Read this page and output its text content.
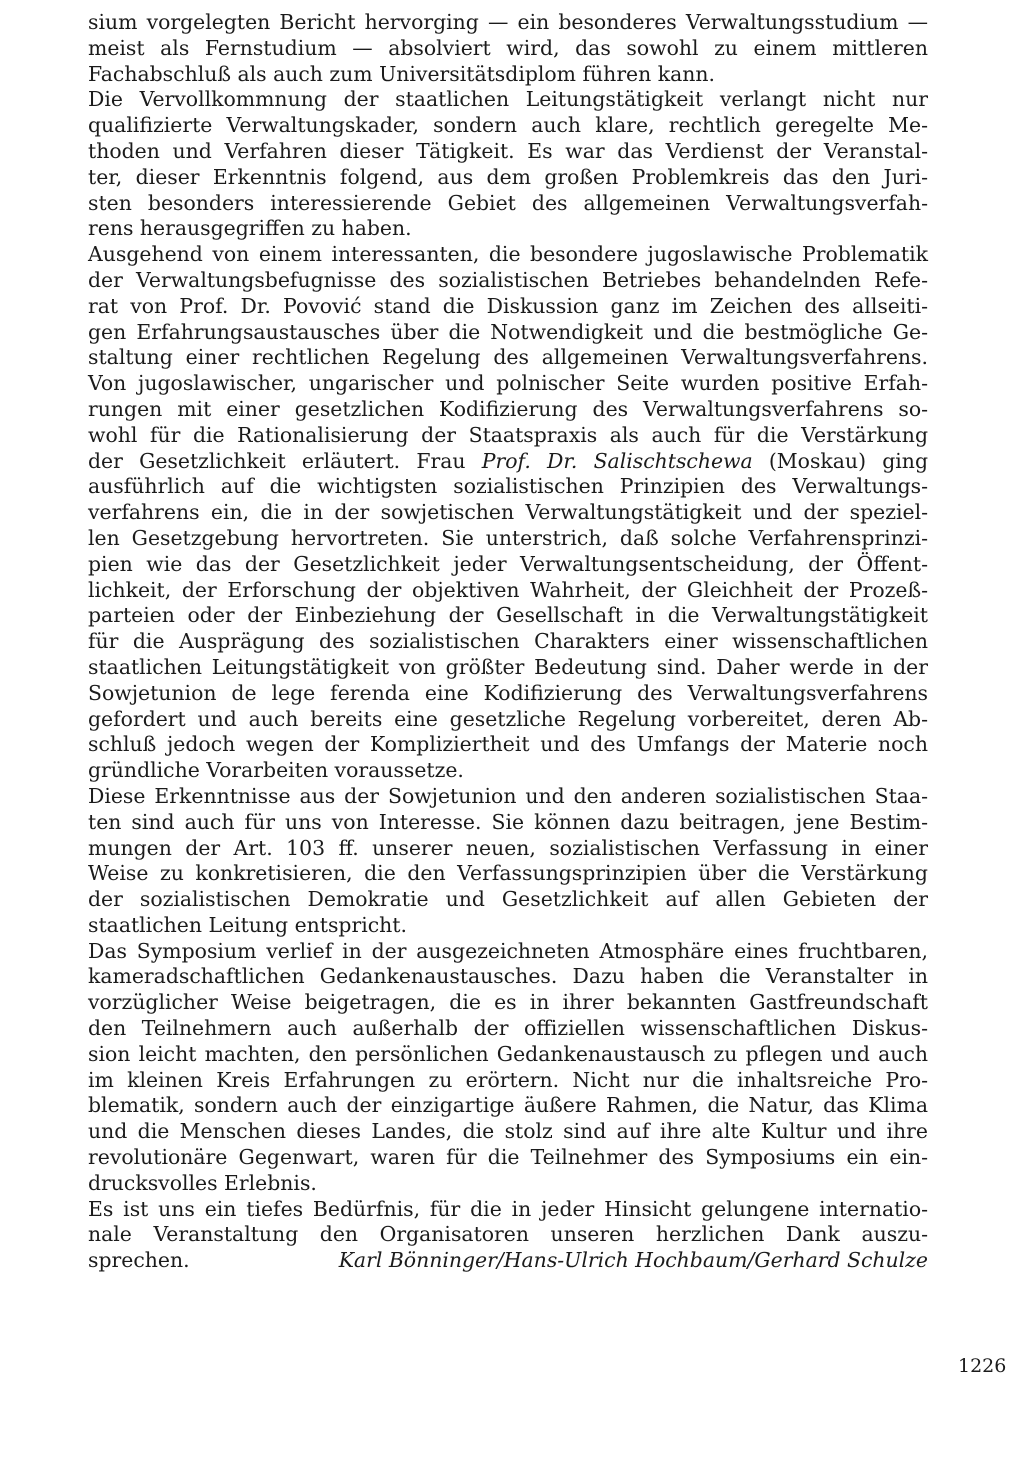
sium vorgelegten Bericht hervorging — ein besonderes Verwaltungsstudium —
meist als Fernstudium — absolviert wird, das sowohl zu einem mittleren
Fachabschluß als auch zum Universitätsdiplom führen kann.
Die Vervollkommnung der staatlichen Leitungstätigkeit verlangt nicht nur
qualifizierte Verwaltungskader, sondern auch klare, rechtlich geregelte Me-
thoden und Verfahren dieser Tätigkeit. Es war das Verdienst der Veranstal-
ter, dieser Erkenntnis folgend, aus dem großen Problemkreis das den Juri-
sten besonders interessierende Gebiet des allgemeinen Verwaltungsverfah-
rens herausgegriffen zu haben.
Ausgehend von einem interessanten, die besondere jugoslawische Problematik
der Verwaltungsbefugnisse des sozialistischen Betriebes behandelnden Refe-
rat von Prof. Dr. Povović stand die Diskussion ganz im Zeichen des allseiti-
gen Erfahrungsaustausches über die Notwendigkeit und die bestmögliche Ge-
staltung einer rechtlichen Regelung des allgemeinen Verwaltungsverfahrens.
Von jugoslawischer, ungarischer und polnischer Seite wurden positive Erfah-
rungen mit einer gesetzlichen Kodifizierung des Verwaltungsverfahrens so-
wohl für die Rationalisierung der Staatspraxis als auch für die Verstärkung
der Gesetzlichkeit erläutert. Frau Prof. Dr. Salischtschewa (Moskau) ging
ausführlich auf die wichtigsten sozialistischen Prinzipien des Verwaltungs-
verfahrens ein, die in der sowjetischen Verwaltungstätigkeit und der speziel-
len Gesetzgebung hervortreten. Sie unterstrich, daß solche Verfahrensprinzi-
pien wie das der Gesetzlichkeit jeder Verwaltungsentscheidung, der Öffent-
lichkeit, der Erforschung der objektiven Wahrheit, der Gleichheit der Prozeß-
parteien oder der Einbeziehung der Gesellschaft in die Verwaltungstätigkeit
für die Ausprägung des sozialistischen Charakters einer wissenschaftlichen
staatlichen Leitungstätigkeit von größter Bedeutung sind. Daher werde in der
Sowjetunion de lege ferenda eine Kodifizierung des Verwaltungsverfahrens
gefordert und auch bereits eine gesetzliche Regelung vorbereitet, deren Ab-
schluß jedoch wegen der Kompliziertheit und des Umfangs der Materie noch
gründliche Vorarbeiten voraussetze.
Diese Erkenntnisse aus der Sowjetunion und den anderen sozialistischen Staa-
ten sind auch für uns von Interesse. Sie können dazu beitragen, jene Bestim-
mungen der Art. 103 ff. unserer neuen, sozialistischen Verfassung in einer
Weise zu konkretisieren, die den Verfassungsprinzipien über die Verstärkung
der sozialistischen Demokratie und Gesetzlichkeit auf allen Gebieten der
staatlichen Leitung entspricht.
Das Symposium verlief in der ausgezeichneten Atmosphäre eines fruchtbaren,
kameradschaftlichen Gedankenaustausches. Dazu haben die Veranstalter in
vorzüglicher Weise beigetragen, die es in ihrer bekannten Gastfreundschaft
den Teilnehmern auch außerhalb der offiziellen wissenschaftlichen Diskus-
sion leicht machten, den persönlichen Gedankenaustausch zu pflegen und auch
im kleinen Kreis Erfahrungen zu erörtern. Nicht nur die inhaltsreiche Pro-
blematik, sondern auch der einzigartige äußere Rahmen, die Natur, das Klima
und die Menschen dieses Landes, die stolz sind auf ihre alte Kultur und ihre
revolutionäre Gegenwart, waren für die Teilnehmer des Symposiums ein ein-
drucksvolles Erlebnis.
Es ist uns ein tiefes Bedürfnis, für die in jeder Hinsicht gelungene internatio-
nale Veranstaltung den Organisatoren unseren herzlichen Dank auszu-
sprechen.	Karl Bönninger/Hans-Ulrich Hochbaum/Gerhard Schulze
1226
